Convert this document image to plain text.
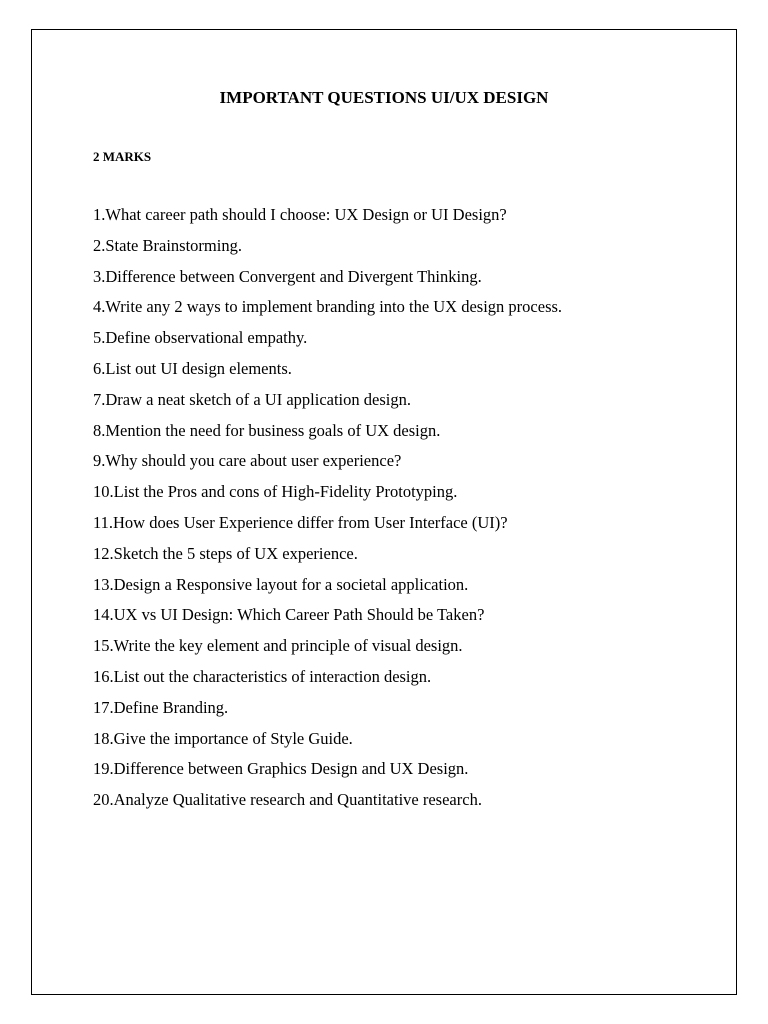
IMPORTANT QUESTIONS UI/UX DESIGN

2 MARKS

1.What career path should I choose: UX Design or UI Design?
2.State Brainstorming.
3.Difference between Convergent and Divergent Thinking.
4.Write any 2 ways to implement branding into the UX design process.
5.Define observational empathy.
6.List out UI design elements.
7.Draw a neat sketch of a UI application design.
8.Mention the need for business goals of UX design.
9.Why should you care about user experience?
10.List the Pros and cons of High-Fidelity Prototyping.
11.How does User Experience differ from User Interface (UI)?
12.Sketch the 5 steps of UX experience.
13.Design a Responsive layout for a societal application.
14.UX vs UI Design: Which Career Path Should be Taken?
15.Write the key element and principle of visual design.
16.List out the characteristics of interaction design.
17.Define Branding.
18.Give the importance of Style Guide.
19.Difference between Graphics Design and UX Design.
20.Analyze Qualitative research and Quantitative research.
